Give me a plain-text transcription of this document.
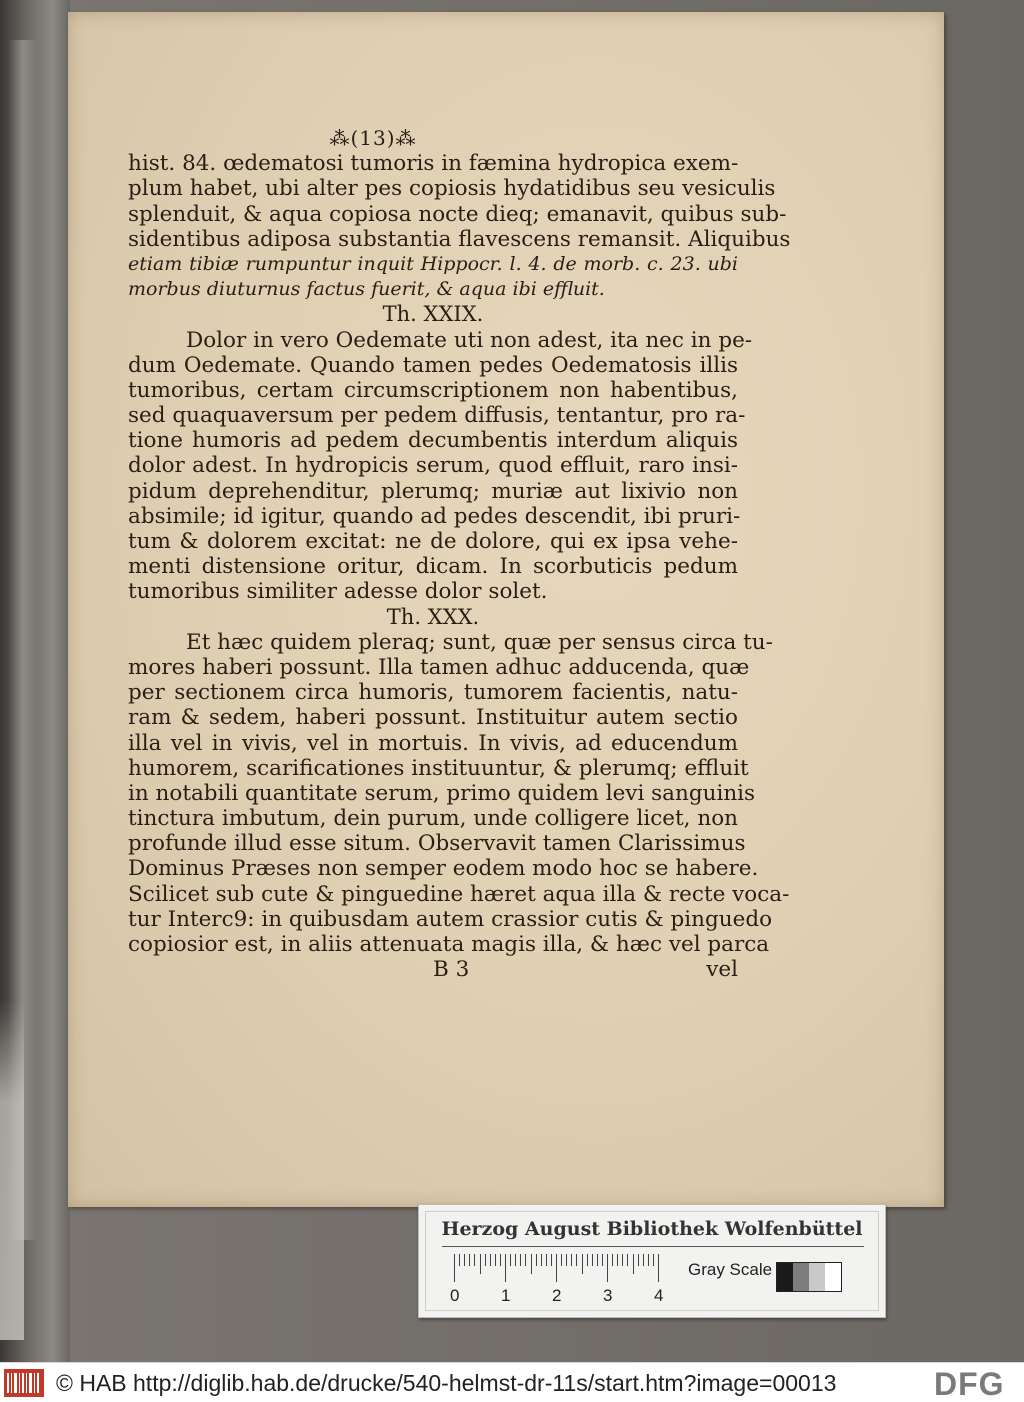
⁂(13)⁂
hist. 84. œdematosi tumoris in fæmina hydropica exem-
plum habet, ubi alter pes copiosis hydatidibus seu vesiculis
splenduit, & aqua copiosa nocte dieq; emanavit, quibus sub-
sidentibus adiposa substantia flavescens remansit. Aliquibus
etiam tibiæ rumpuntur inquit Hippocr. l. 4. de morb. c. 23. ubi
morbus diuturnus factus fuerit, & aqua ibi effluit.
Th. XXIX.
Dolor in vero Oedemate uti non adest, ita nec in pe-
dum Oedemate. Quando tamen pedes Oedematosis illis
tumoribus, certam circumscriptionem non habentibus,
sed quaquaversum per pedem diffusis, tentantur, pro ra-
tione humoris ad pedem decumbentis interdum aliquis
dolor adest. In hydropicis serum, quod effluit, raro insi-
pidum deprehenditur, plerumq; muriæ aut lixivio non
absimile; id igitur, quando ad pedes descendit, ibi pruri-
tum & dolorem excitat: ne de dolore, qui ex ipsa vehe-
menti distensione oritur, dicam. In scorbuticis pedum
tumoribus similiter adesse dolor solet.
Th. XXX.
Et hæc quidem pleraq; sunt, quæ per sensus circa tu-
mores haberi possunt. Illa tamen adhuc adducenda, quæ
per sectionem circa humoris, tumorem facientis, natu-
ram & sedem, haberi possunt. Instituitur autem sectio
illa vel in vivis, vel in mortuis. In vivis, ad educendum
humorem, scarificationes instituuntur, & plerumq; effluit
in notabili quantitate serum, primo quidem levi sanguinis
tinctura imbutum, dein purum, unde colligere licet, non
profunde illud esse situm. Observavit tamen Clarissimus
Dominus Præses non semper eodem modo hoc se habere.
Scilicet sub cute & pinguedine hæret aqua illa & recte voca-
tur Interc9: in quibusdam autem crassior cutis & pinguedo
copiosior est, in aliis attenuata magis illa, & hæc vel parca
B 3	vel
Herzog August Bibliothek Wolfenbüttel
0 1 2 3 4
Gray Scale
© HAB http://diglib.hab.de/drucke/540-helmst-dr-11s/start.htm?image=00013	DFG
